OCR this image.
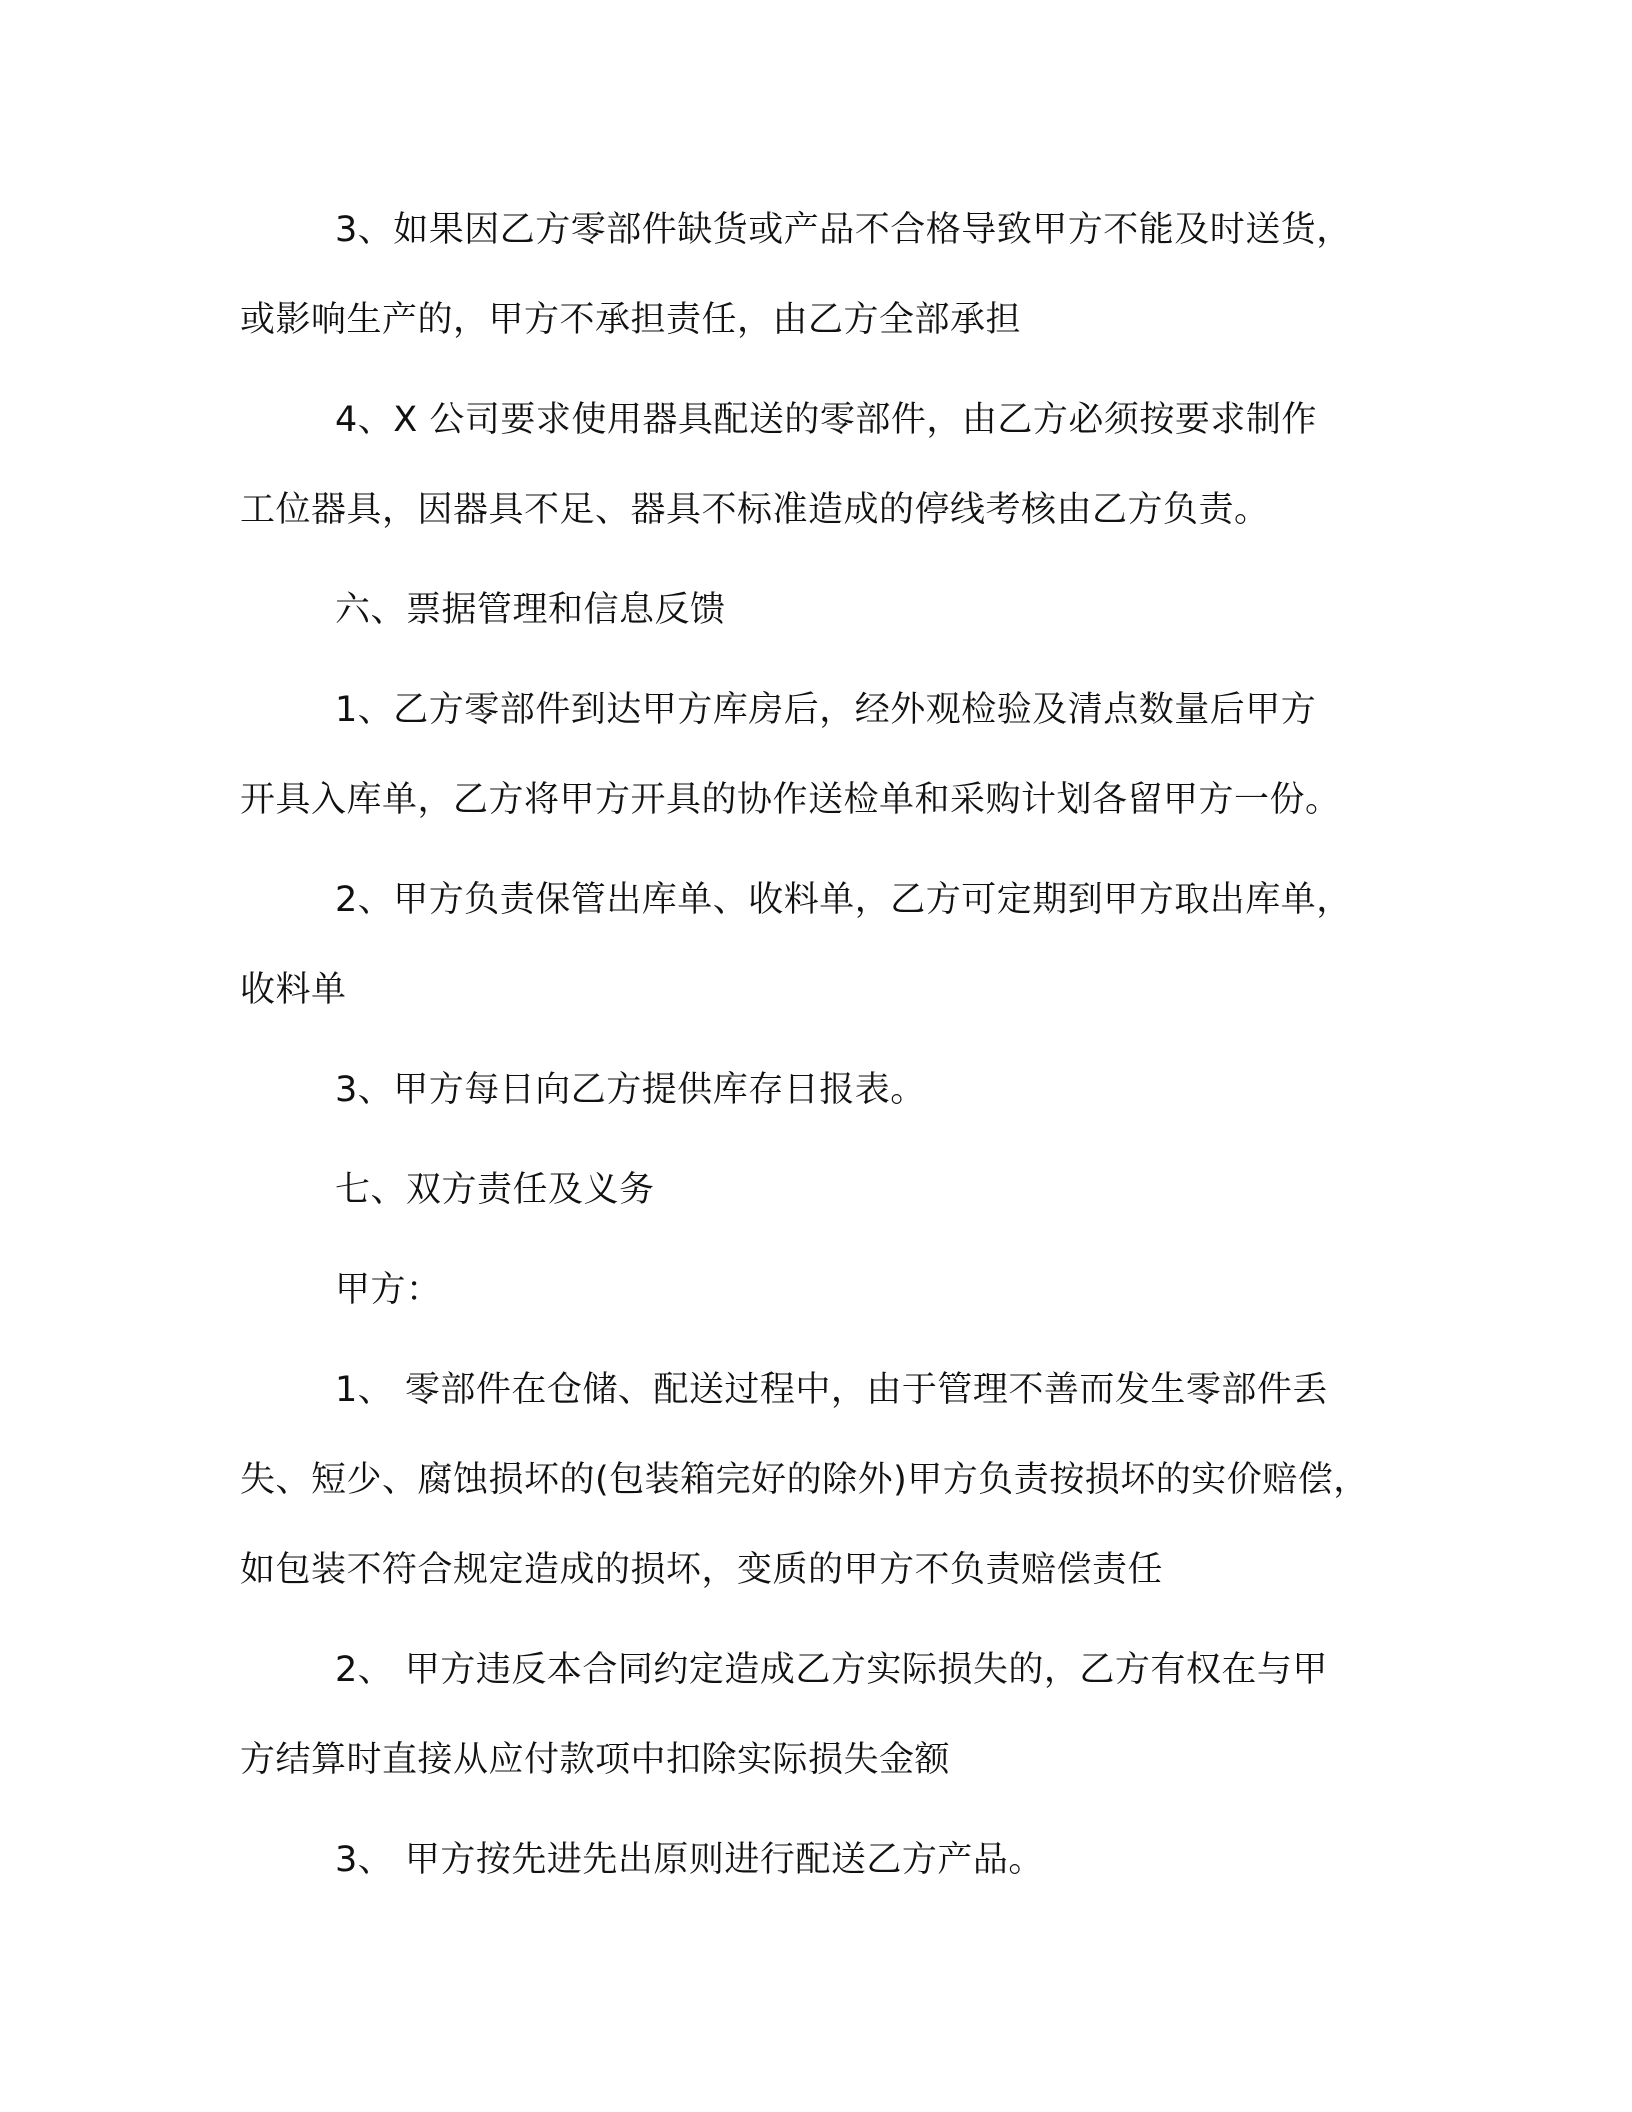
3、如果因乙方零部件缺货或产品不合格导致甲方不能及时送货，
或影响生产的，甲方不承担责任，由乙方全部承担

4、X 公司要求使用器具配送的零部件，由乙方必须按要求制作
工位器具，因器具不足、器具不标准造成的停线考核由乙方负责。

六、票据管理和信息反馈

1、乙方零部件到达甲方库房后，经外观检验及清点数量后甲方
开具入库单，乙方将甲方开具的协作送检单和采购计划各留甲方一份。

2、甲方负责保管出库单、收料单，乙方可定期到甲方取出库单，
收料单

3、甲方每日向乙方提供库存日报表。

七、双方责任及义务

甲方：

1、 零部件在仓储、配送过程中，由于管理不善而发生零部件丢
失、短少、腐蚀损坏的(包装箱完好的除外)甲方负责按损坏的实价赔偿，
如包装不符合规定造成的损坏，变质的甲方不负责赔偿责任

2、 甲方违反本合同约定造成乙方实际损失的，乙方有权在与甲
方结算时直接从应付款项中扣除实际损失金额

3、 甲方按先进先出原则进行配送乙方产品。
